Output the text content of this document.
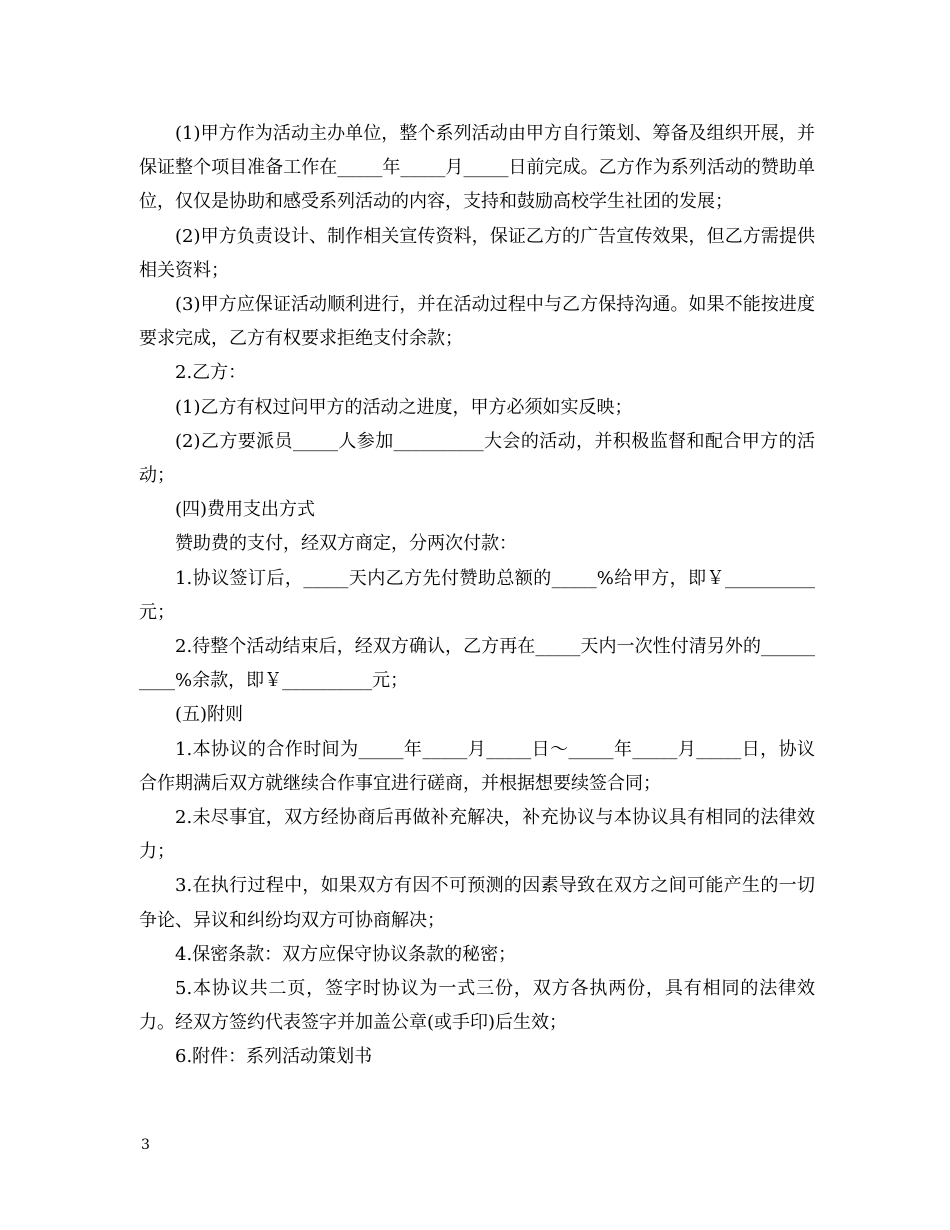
(1)甲方作为活动主办单位，整个系列活动由甲方自行策划、筹备及组织开展，并保证整个项目准备工作在_____年_____月_____日前完成。乙方作为系列活动的赞助单位，仅仅是协助和感受系列活动的内容，支持和鼓励高校学生社团的发展；

(2)甲方负责设计、制作相关宣传资料，保证乙方的广告宣传效果，但乙方需提供相关资料；

(3)甲方应保证活动顺利进行，并在活动过程中与乙方保持沟通。如果不能按进度要求完成，乙方有权要求拒绝支付余款；

2.乙方：

(1)乙方有权过问甲方的活动之进度，甲方必须如实反映；

(2)乙方要派员_____人参加__________大会的活动，并积极监督和配合甲方的活动；

(四)费用支出方式

赞助费的支付，经双方商定，分两次付款：

1.协议签订后，_____天内乙方先付赞助总额的_____%给甲方，即￥__________元；

2.待整个活动结束后，经双方确认，乙方再在_____天内一次性付清另外的__________%余款，即￥__________元；

(五)附则

1.本协议的合作时间为_____年_____月_____日～_____年_____月_____日，协议合作期满后双方就继续合作事宜进行磋商，并根据想要续签合同；

2.未尽事宜，双方经协商后再做补充解决，补充协议与本协议具有相同的法律效力；

3.在执行过程中，如果双方有因不可预测的因素导致在双方之间可能产生的一切争论、异议和纠纷均双方可协商解决；

4.保密条款：双方应保守协议条款的秘密；

5.本协议共二页，签字时协议为一式三份，双方各执两份，具有相同的法律效力。经双方签约代表签字并加盖公章(或手印)后生效；

6.附件：系列活动策划书

3
